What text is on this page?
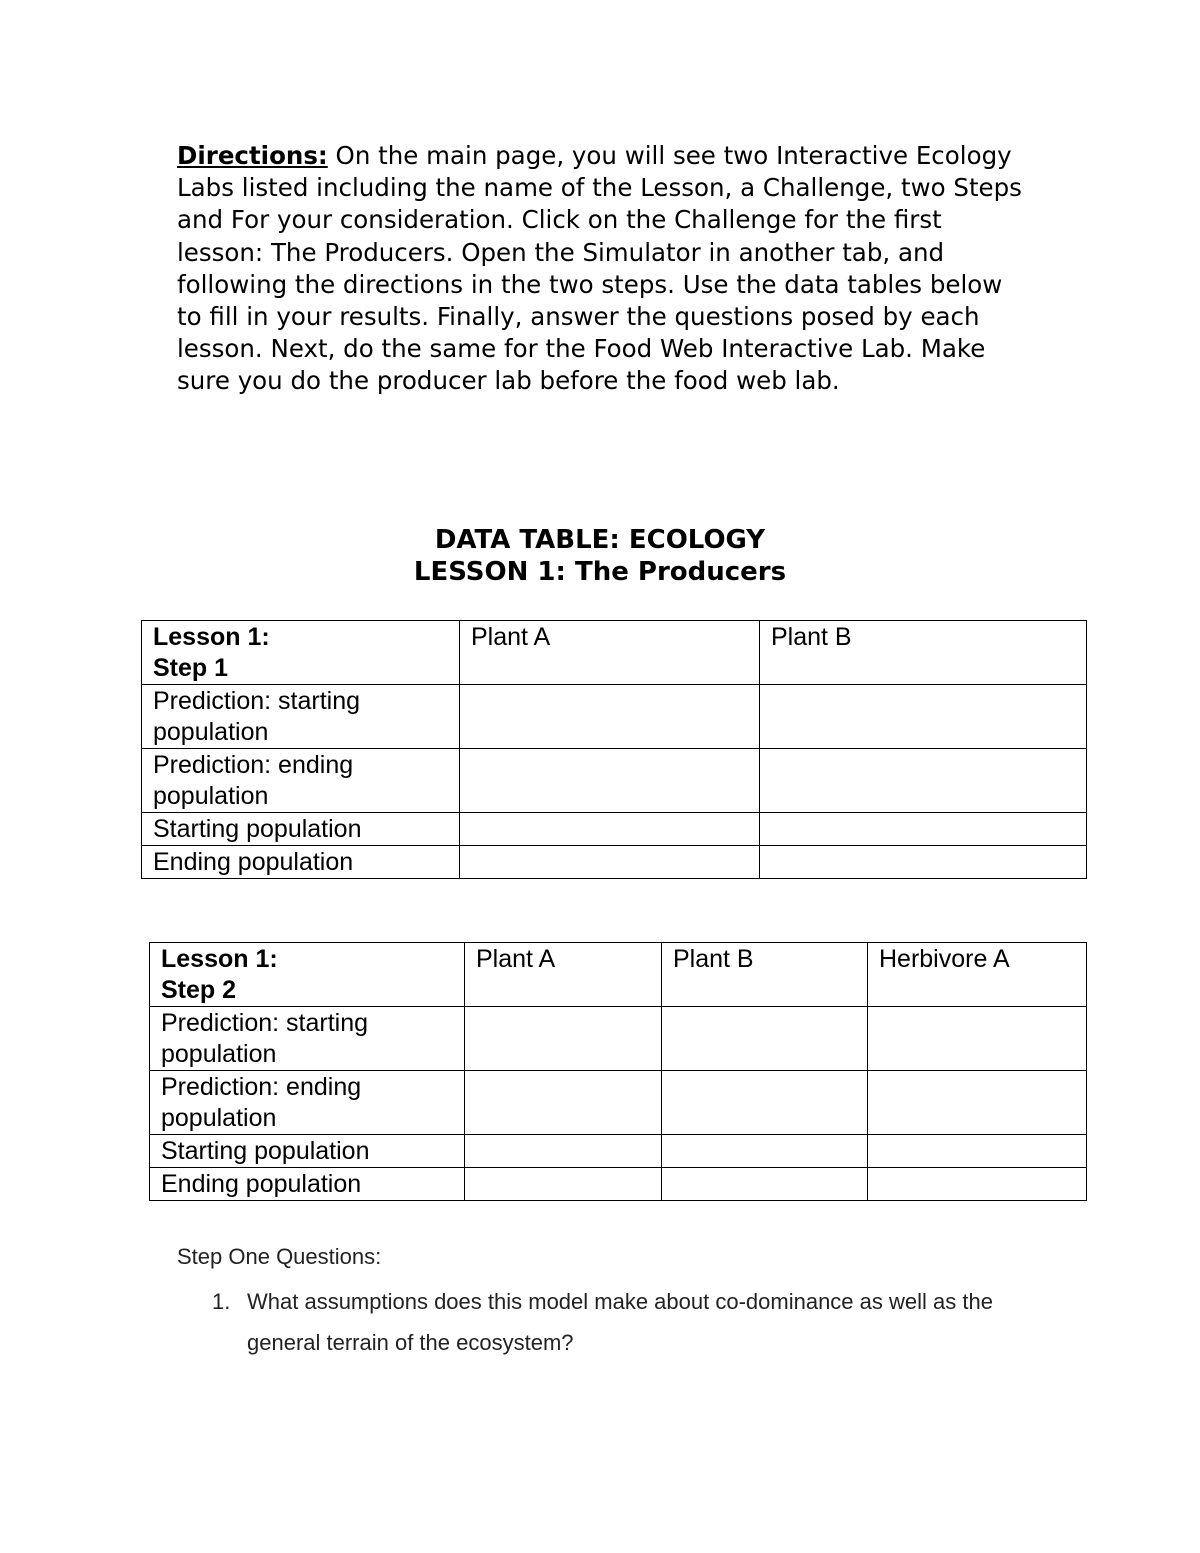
Directions: On the main page, you will see two Interactive Ecology Labs listed including the name of the Lesson, a Challenge, two Steps and For your consideration. Click on the Challenge for the first lesson: The Producers. Open the Simulator in another tab, and following the directions in the two steps. Use the data tables below to fill in your results. Finally, answer the questions posed by each lesson. Next, do the same for the Food Web Interactive Lab. Make sure you do the producer lab before the food web lab.

DATA TABLE: ECOLOGY
LESSON 1: The Producers
Lesson 1:
Step 1	Plant A	Plant B
Prediction: starting population		
Prediction: ending population		
Starting population		
Ending population		
Lesson 1:
Step 2	Plant A	Plant B	Herbivore A
Prediction: starting population			
Prediction: ending population			
Starting population			
Ending population			
Step One Questions:
1. What assumptions does this model make about co-dominance as well as the general terrain of the ecosystem?
